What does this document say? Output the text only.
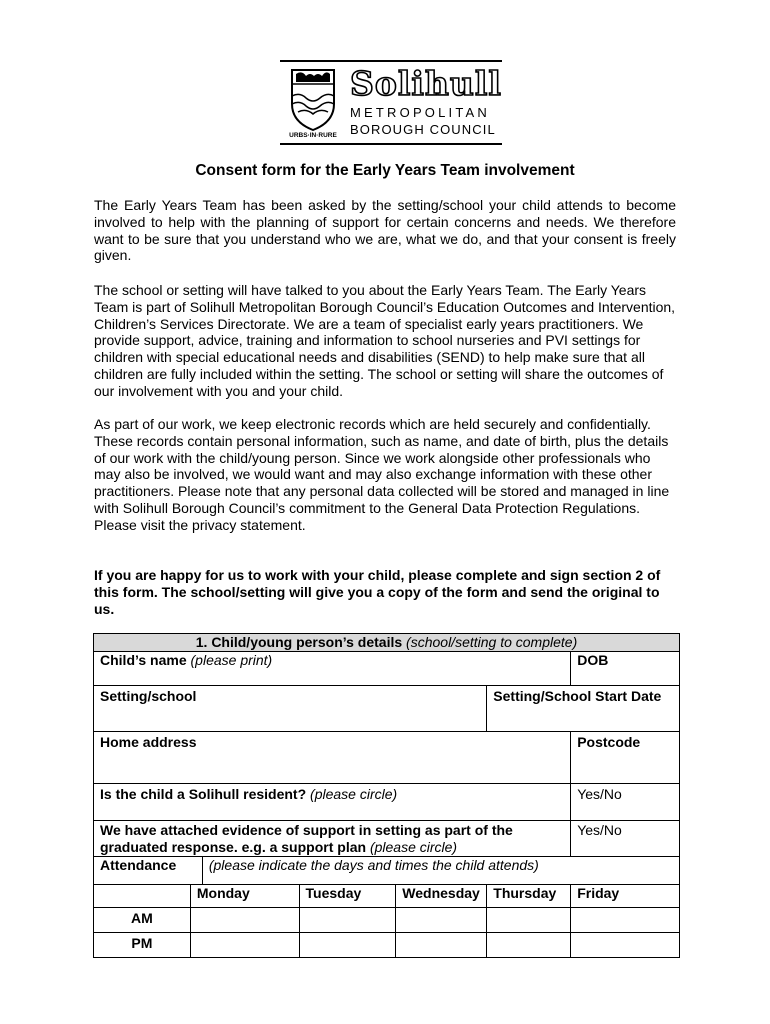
URBS·IN·RURE
Solihull
METROPOLITAN
BOROUGH COUNCIL
Consent form for the Early Years Team involvement

The Early Years Team has been asked by the setting/school your child attends to become involved to help with the planning of support for certain concerns and needs. We therefore want to be sure that you understand who we are, what we do, and that your consent is freely given.

The school or setting will have talked to you about the Early Years Team. The Early Years Team is part of Solihull Metropolitan Borough Council’s Education Outcomes and Intervention, Children’s Services Directorate. We are a team of specialist early years practitioners. We provide support, advice, training and information to school nurseries and PVI settings for children with special educational needs and disabilities (SEND) to help make sure that all children are fully included within the setting. The school or setting will share the outcomes of our involvement with you and your child.

As part of our work, we keep electronic records which are held securely and confidentially. These records contain personal information, such as name, and date of birth, plus the details of our work with the child/young person. Since we work alongside other professionals who may also be involved, we would want and may also exchange information with these other practitioners. Please note that any personal data collected will be stored and managed in line with Solihull Borough Council’s commitment to the General Data Protection Regulations. Please visit the privacy statement.

If you are happy for us to work with your child, please complete and sign section 2 of this form. The school/setting will give you a copy of the form and send the original to us.

1. Child/young person’s details (school/setting to complete)						
Child’s name (please print)						DOB
Setting/school					Setting/School Start Date	
Home address						Postcode
Is the child a Solihull resident? (please circle)						Yes/No
We have attached evidence of support in setting as part of the graduated response. e.g. a support plan (please circle)						Yes/No
Attendance		(please indicate the days and times the child attends)				
	Monday		Tuesday	Wednesday	Thursday	Friday
AM						
PM						
